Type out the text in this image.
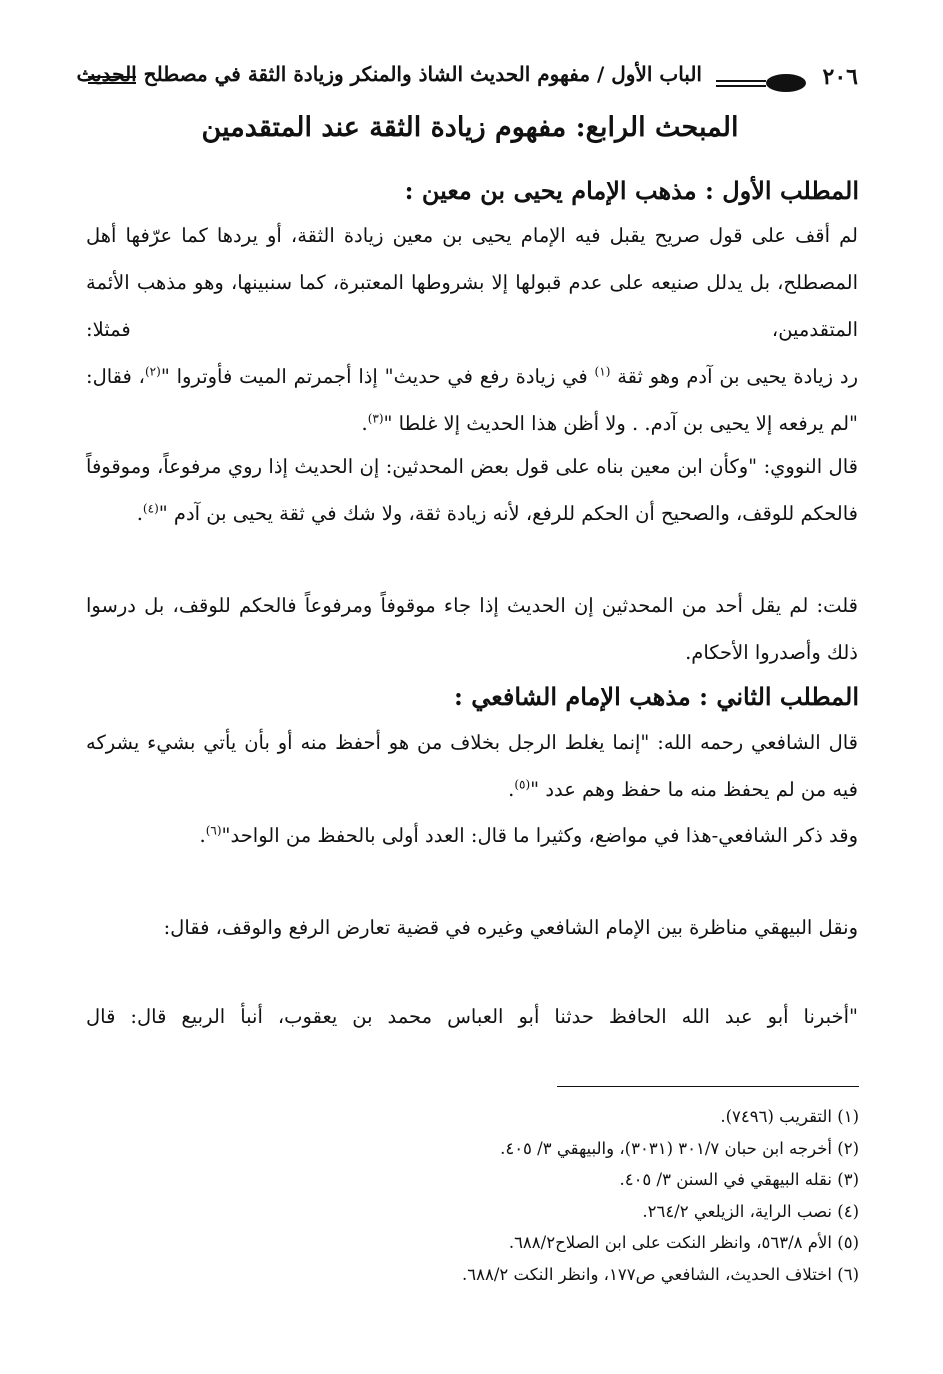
الباب الأول / مفهوم الحديث الشاذ والمنكر وزيادة الثقة في مصطلح الحديث	٢٠٦
المبحث الرابع: مفهوم زيادة الثقة عند المتقدمين
المطلب الأول : مذهب الإمام يحيى بن معين :
لم أقف على قول صريح يقبل فيه الإمام يحيى بن معين زيادة الثقة، أو يردها كما عرّفها أهل المصطلح، بل يدلل صنيعه على عدم قبولها إلا بشروطها المعتبرة، كما سنبينها، وهو مذهب الأئمة المتقدمين، فمثلا:
رد زيادة يحيى بن آدم وهو ثقة $^{(١)}$ في زيادة رفع في حديث" إذا أجمرتم الميت فأوتروا "$^{(٢)}$، فقال: "لم يرفعه إلا يحيى بن آدم. . ولا أظن هذا الحديث إلا غلطا "$^{(٣)}$.
قال النووي: "وكأن ابن معين بناه على قول بعض المحدثين: إن الحديث إذا روي مرفوعاً، وموقوفاً فالحكم للوقف، والصحيح أن الحكم للرفع، لأنه زيادة ثقة، ولا شك في ثقة يحيى بن آدم "$^{(٤)}$.
قلت: لم يقل أحد من المحدثين إن الحديث إذا جاء موقوفاً ومرفوعاً فالحكم للوقف، بل درسوا ذلك وأصدروا الأحكام.
المطلب الثاني : مذهب الإمام الشافعي :
قال الشافعي رحمه الله: "إنما يغلط الرجل بخلاف من هو أحفظ منه أو بأن يأتي بشيء يشركه فيه من لم يحفظ منه ما حفظ وهم عدد "$^{(٥)}$.
وقد ذكر الشافعي-هذا في مواضع، وكثيرا ما قال: العدد أولى بالحفظ من الواحد"$^{(٦)}$.
ونقل البيهقي مناظرة بين الإمام الشافعي وغيره في قضية تعارض الرفع والوقف، فقال:
"أخبرنا أبو عبد الله الحافظ حدثنا أبو العباس محمد بن يعقوب، أنبأ الربيع قال: قال
(١) التقريب (٧٤٩٦).
(٢) أخرجه ابن حبان ٣٠١/٧ (٣٠٣١)، والبيهقي ٣/ ٤٠٥.
(٣) نقله البيهقي في السنن ٣/ ٤٠٥.
(٤) نصب الراية، الزيلعي ٢٦٤/٢.
(٥) الأم ٥٦٣/٨، وانظر النكت على ابن الصلاح٦٨٨/٢.
(٦) اختلاف الحديث، الشافعي ص١٧٧، وانظر النكت ٦٨٨/٢.
